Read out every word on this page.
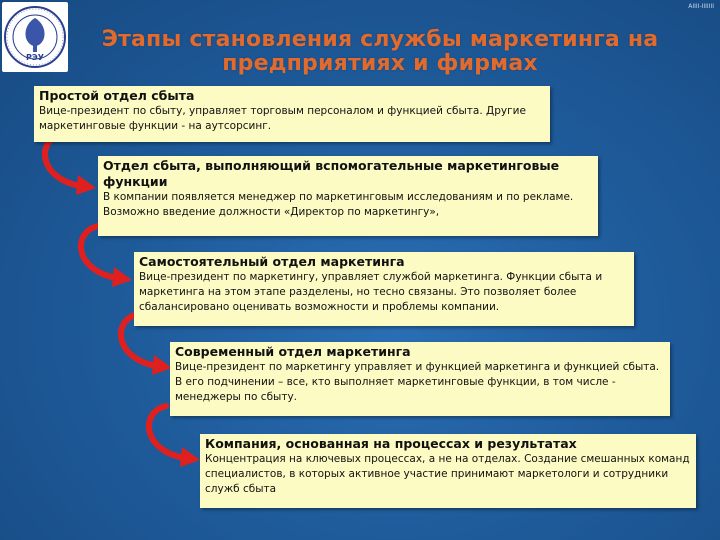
РЭУ
AIIII-IIIIIII
Этапы становления службы маркетинга на предприятиях и фирмах
Простой отдел сбыта
Вице-президент по сбыту, управляет торговым персоналом и функцией сбыта. Другие маркетинговые функции - на аутсорсинг.
Отдел сбыта, выполняющий вспомогательные маркетинговые функции
В компании появляется менеджер по маркетинговым исследованиям и по рекламе. Возможно введение должности «Директор по маркетингу»,
Самостоятельный отдел маркетинга
Вице-президент по маркетингу, управляет службой маркетинга. Функции сбыта и маркетинга на этом этапе разделены, но тесно связаны. Это позволяет более сбалансировано оценивать возможности и проблемы компании.
Современный отдел маркетинга
Вице-президент по маркетингу управляет и функцией маркетинга и функцией сбыта. В его подчинении – все, кто выполняет маркетинговые функции, в том числе - менеджеры по сбыту.
Компания, основанная на процессах и результатах
Концентрация на ключевых процессах, а не на отделах. Создание смешанных команд специалистов, в которых активное участие принимают маркетологи и сотрудники служб сбыта
